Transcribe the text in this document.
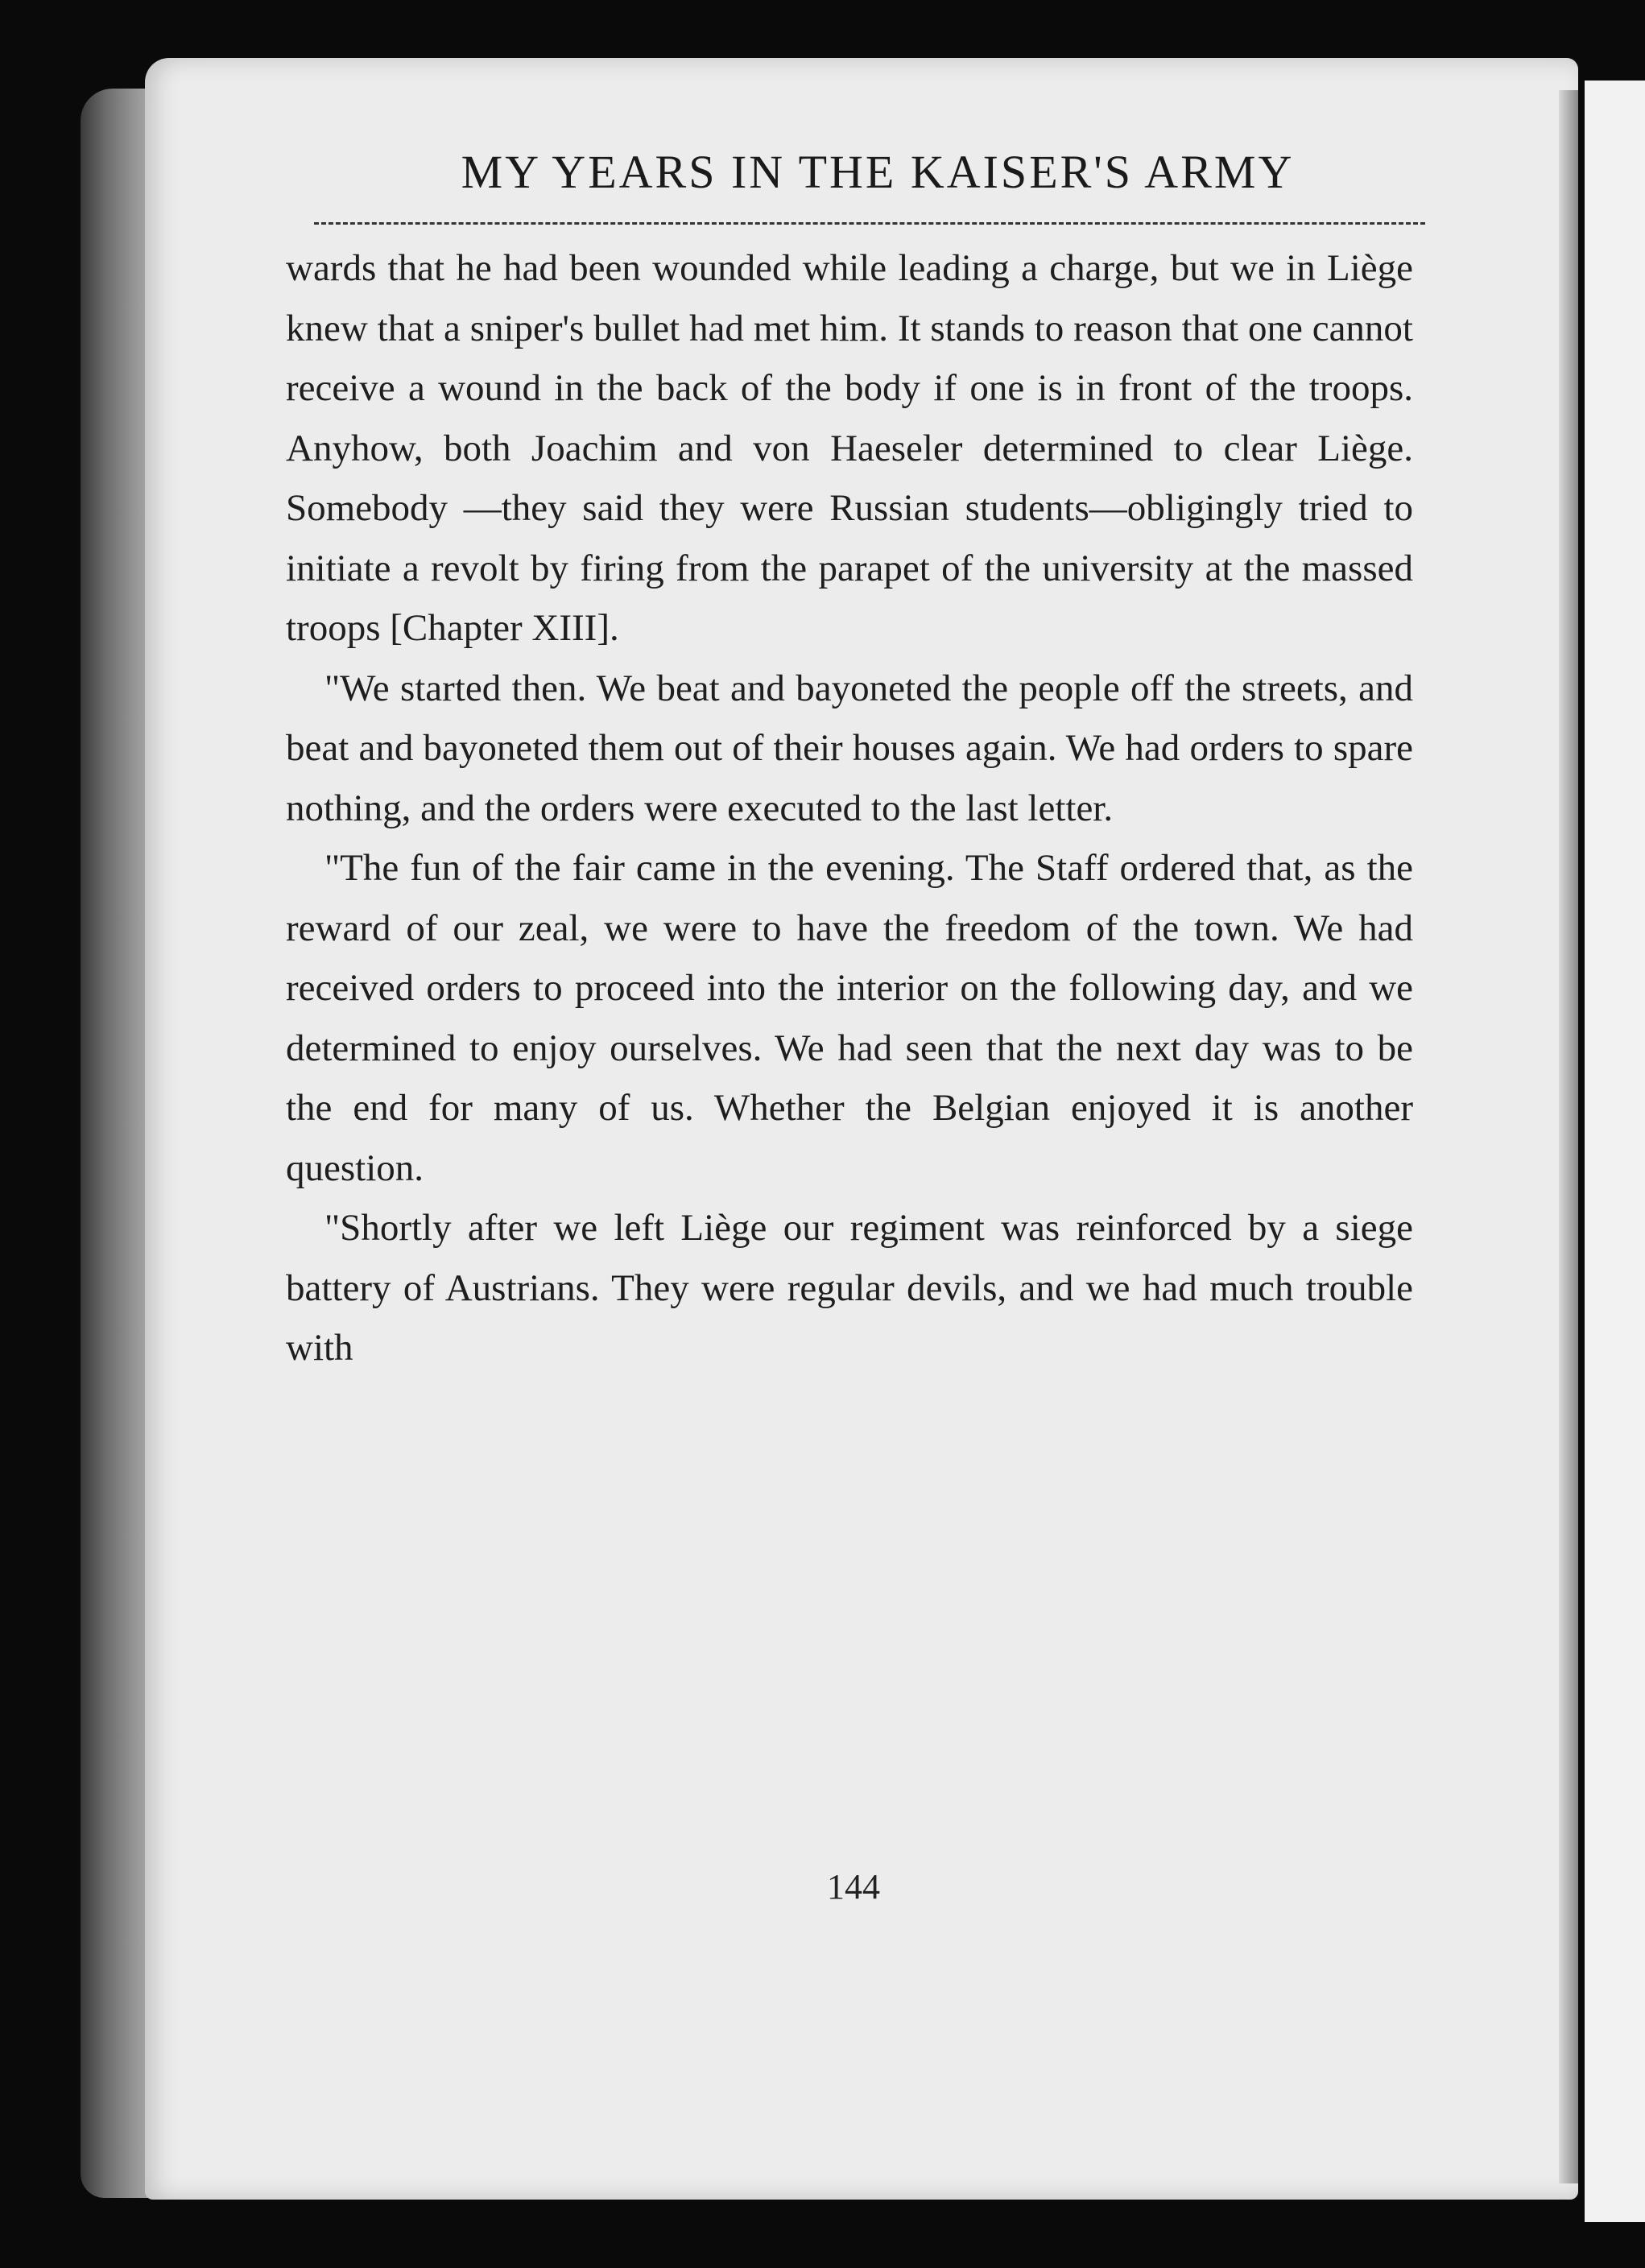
MY YEARS IN THE KAISER'S ARMY

wards that he had been wounded while leading a charge, but we in Liège knew that a sniper's bullet had met him. It stands to reason that one cannot receive a wound in the back of the body if one is in front of the troops. Anyhow, both Joachim and von Haeseler determined to clear Liège. Somebody —they said they were Russian students—obligingly tried to initiate a revolt by firing from the parapet of the university at the massed troops [Chapter XIII].

"We started then. We beat and bayoneted the people off the streets, and beat and bayoneted them out of their houses again. We had orders to spare nothing, and the orders were executed to the last letter.

"The fun of the fair came in the evening. The Staff ordered that, as the reward of our zeal, we were to have the freedom of the town. We had received orders to proceed into the interior on the following day, and we determined to enjoy ourselves. We had seen that the next day was to be the end for many of us. Whether the Belgian enjoyed it is another question.

"Shortly after we left Liège our regiment was reinforced by a siege battery of Austrians. They were regular devils, and we had much trouble with

144
